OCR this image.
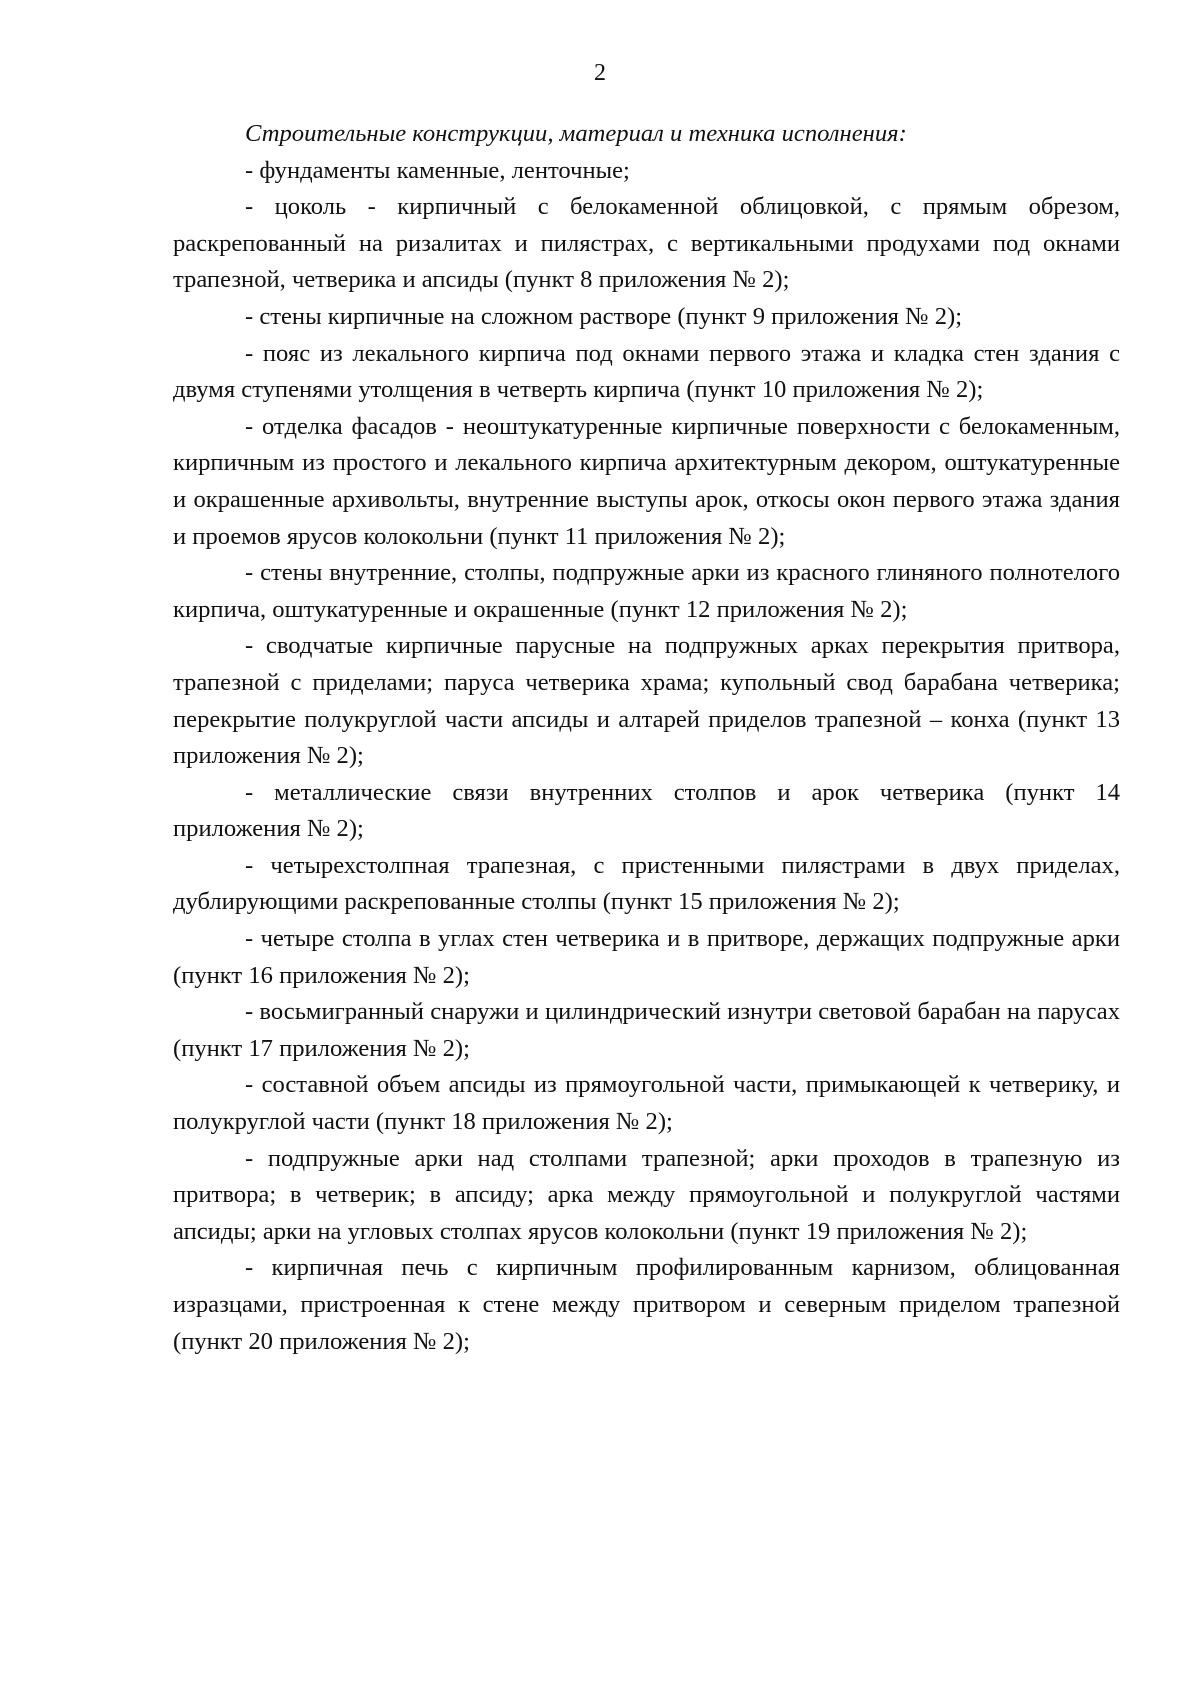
2

Строительные конструкции, материал и техника исполнения:

- фундаменты каменные, ленточные;

- цоколь - кирпичный с белокаменной облицовкой, с прямым обрезом, раскрепованный на ризалитах и пилястрах, с вертикальными продухами под окнами трапезной, четверика и апсиды (пункт 8 приложения № 2);

- стены кирпичные на сложном растворе (пункт 9 приложения № 2);

- пояс из лекального кирпича под окнами первого этажа и кладка стен здания с двумя ступенями утолщения в четверть кирпича (пункт 10 приложения № 2);

- отделка фасадов - неоштукатуренные кирпичные поверхности с белокаменным, кирпичным из простого и лекального кирпича архитектурным декором, оштукатуренные и окрашенные архивольты, внутренние выступы арок, откосы окон первого этажа здания и проемов ярусов колокольни (пункт 11 приложения № 2);

- стены внутренние, столпы, подпружные арки из красного глиняного полнотелого кирпича, оштукатуренные и окрашенные (пункт 12 приложения № 2);

- сводчатые кирпичные парусные на подпружных арках перекрытия притвора, трапезной с приделами; паруса четверика храма; купольный свод барабана четверика; перекрытие полукруглой части апсиды и алтарей приделов трапезной – конха (пункт 13 приложения № 2);

- металлические связи внутренних столпов и арок четверика (пункт 14 приложения № 2);

- четырехстолпная трапезная, с пристенными пилястрами в двух приделах, дублирующими раскрепованные столпы (пункт 15 приложения № 2);

- четыре столпа в углах стен четверика и в притворе, держащих подпружные арки (пункт 16 приложения № 2);

- восьмигранный снаружи и цилиндрический изнутри световой барабан на парусах (пункт 17 приложения № 2);

- составной объем апсиды из прямоугольной части, примыкающей к четверику, и полукруглой части (пункт 18 приложения № 2);

- подпружные арки над столпами трапезной; арки проходов в трапезную из притвора; в четверик; в апсиду; арка между прямоугольной и полукруглой частями апсиды; арки на угловых столпах ярусов колокольни (пункт 19 приложения № 2);

- кирпичная печь с кирпичным профилированным карнизом, облицованная изразцами, пристроенная к стене между притвором и северным приделом трапезной (пункт 20 приложения № 2);
